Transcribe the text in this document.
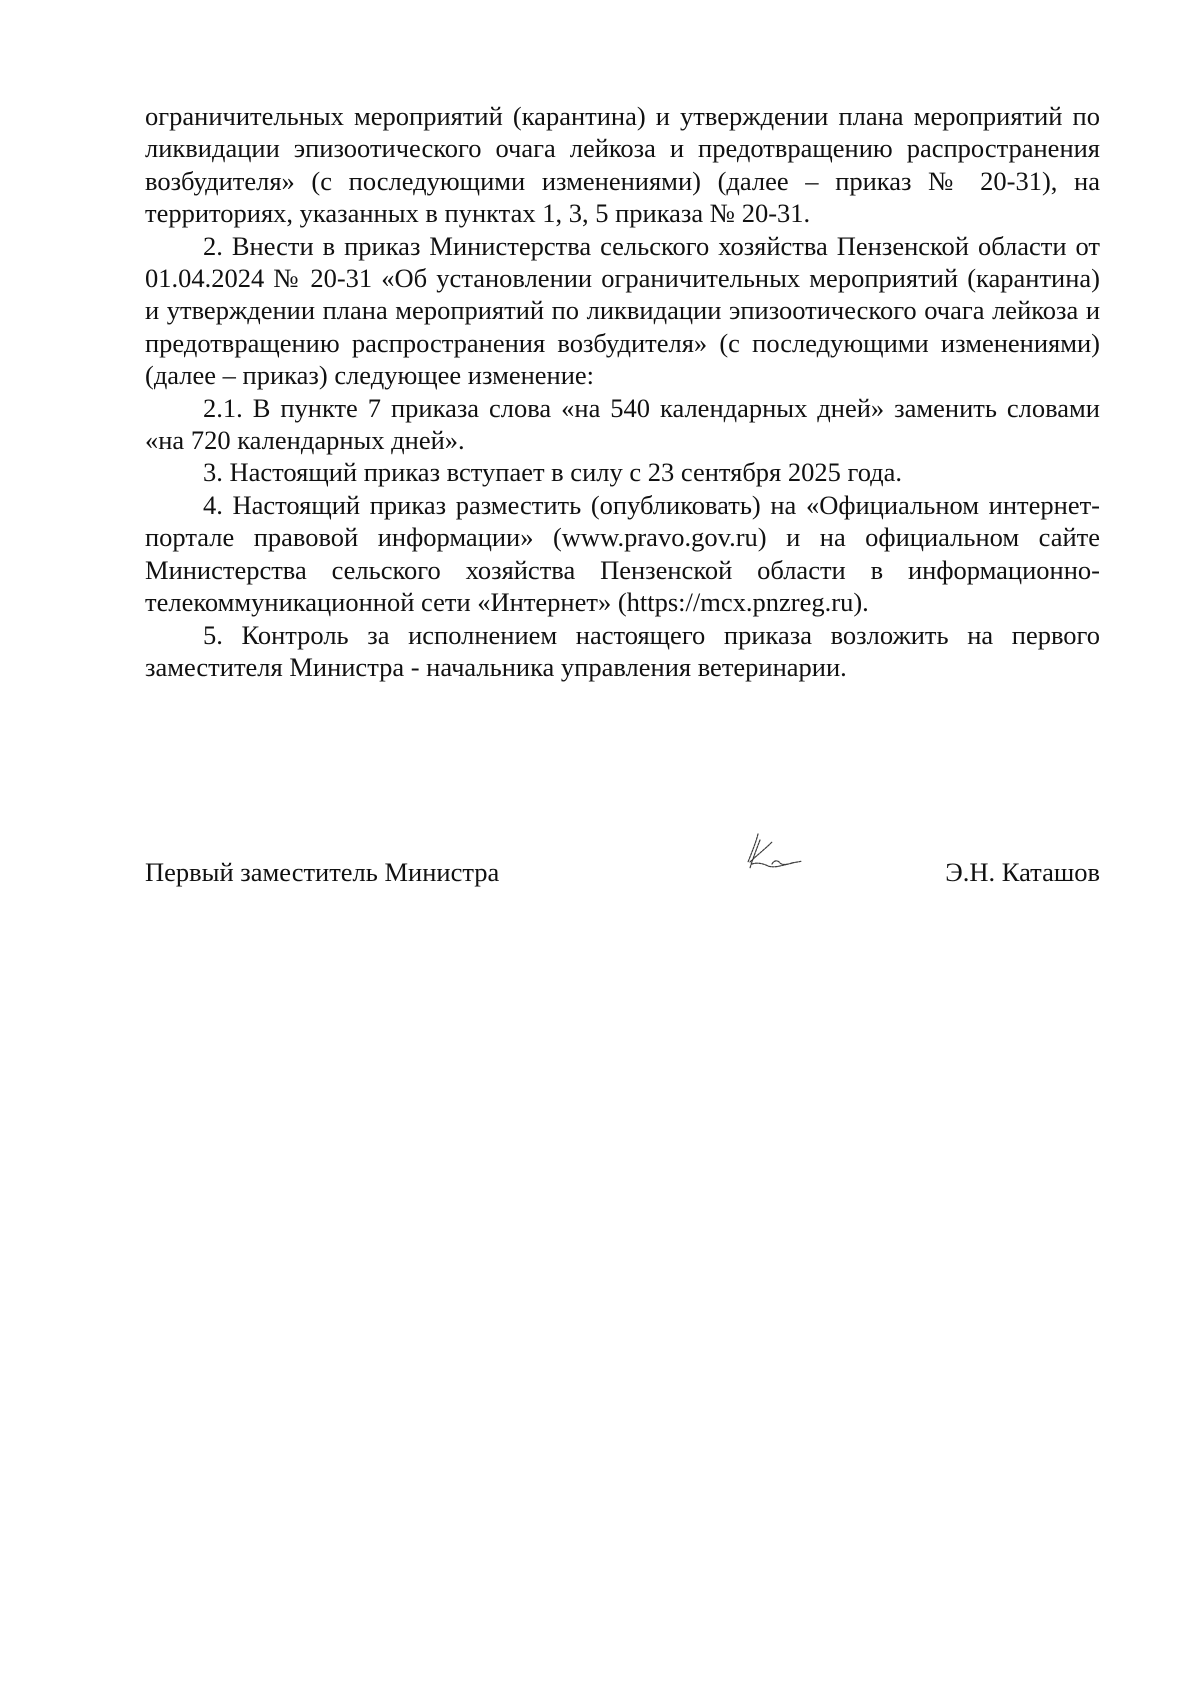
ограничительных мероприятий (карантина) и утверждении плана мероприятий по ликвидации эпизоотического очага лейкоза и предотвращению распространения возбудителя» (с последующими изменениями) (далее – приказ № 20-31), на территориях, указанных в пунктах 1, 3, 5 приказа № 20-31.

2. Внести в приказ Министерства сельского хозяйства Пензенской области от 01.04.2024 № 20-31 «Об установлении ограничительных мероприятий (карантина) и утверждении плана мероприятий по ликвидации эпизоотического очага лейкоза и предотвращению распространения возбудителя» (с последующими изменениями) (далее – приказ) следующее изменение:

2.1. В пункте 7 приказа слова «на 540 календарных дней» заменить словами «на 720 календарных дней».

3. Настоящий приказ вступает в силу с 23 сентября 2025 года.

4. Настоящий приказ разместить (опубликовать) на «Официальном интернет-портале правовой информации» (www.pravo.gov.ru) и на официальном сайте Министерства сельского хозяйства Пензенской области в информационно-телекоммуникационной сети «Интернет» (https://mcx.pnzreg.ru).

5. Контроль за исполнением настоящего приказа возложить на первого заместителя Министра - начальника управления ветеринарии.

Первый заместитель Министра	Э.Н. Каташов
